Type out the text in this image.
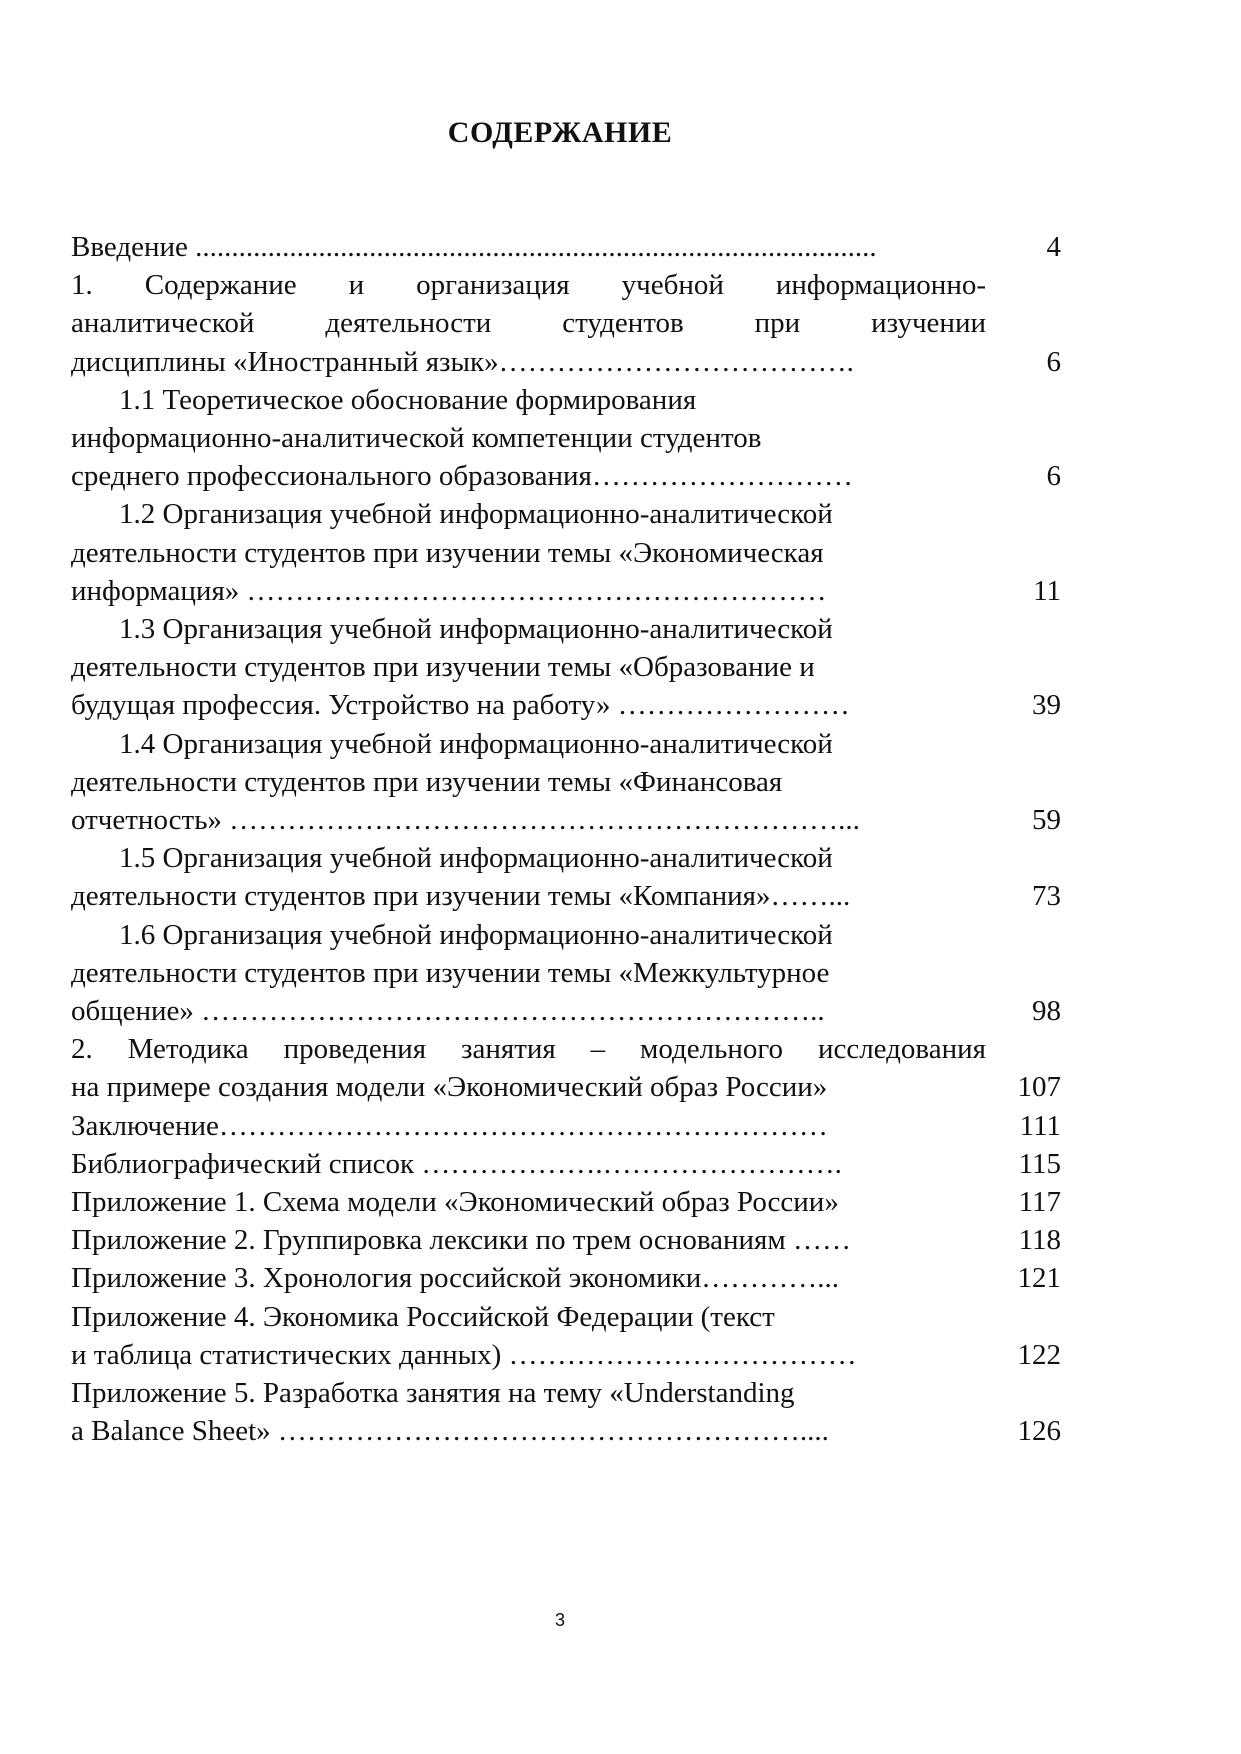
СОДЕРЖАНИЕ
Введение ..............................................................................................	4
1. Содержание и организация учебной информационно-
аналитической деятельности студентов при изучении
дисциплины «Иностранный язык»……………………………….	6
1.1 Теоретическое обоснование формирования
информационно-аналитической компетенции студентов
среднего профессионального образования………………………	6
1.2 Организация учебной информационно-аналитической
деятельности студентов при изучении темы «Экономическая
информация» ……………………………………………………	11
1.3 Организация учебной информационно-аналитической
деятельности студентов при изучении темы «Образование и
будущая профессия. Устройство на работу» ……………………	39
1.4 Организация учебной информационно-аналитической
деятельности студентов при изучении темы «Финансовая
отчетность» ………………………………………………………...	59
1.5 Организация учебной информационно-аналитической
деятельности студентов при изучении темы «Компания»……...	73
1.6 Организация учебной информационно-аналитической
деятельности студентов при изучении темы «Межкультурное
общение» ………………………………………………………..	98
2. Методика проведения занятия – модельного исследования
на примере создания модели «Экономический образ России»	107
Заключение………………………………………………………	111
Библиографический список ……………….…………………….	115
Приложение 1. Схема модели «Экономический образ России»	117
Приложение 2. Группировка лексики по трем основаниям ……	118
Приложение 3. Хронология российской экономики…………...	121
Приложение 4. Экономика Российской Федерации (текст
и таблица статистических данных) ………………………………	122
Приложение 5. Разработка занятия на тему «Understanding
a Balance Sheet» ………………………………………………....	126
3
